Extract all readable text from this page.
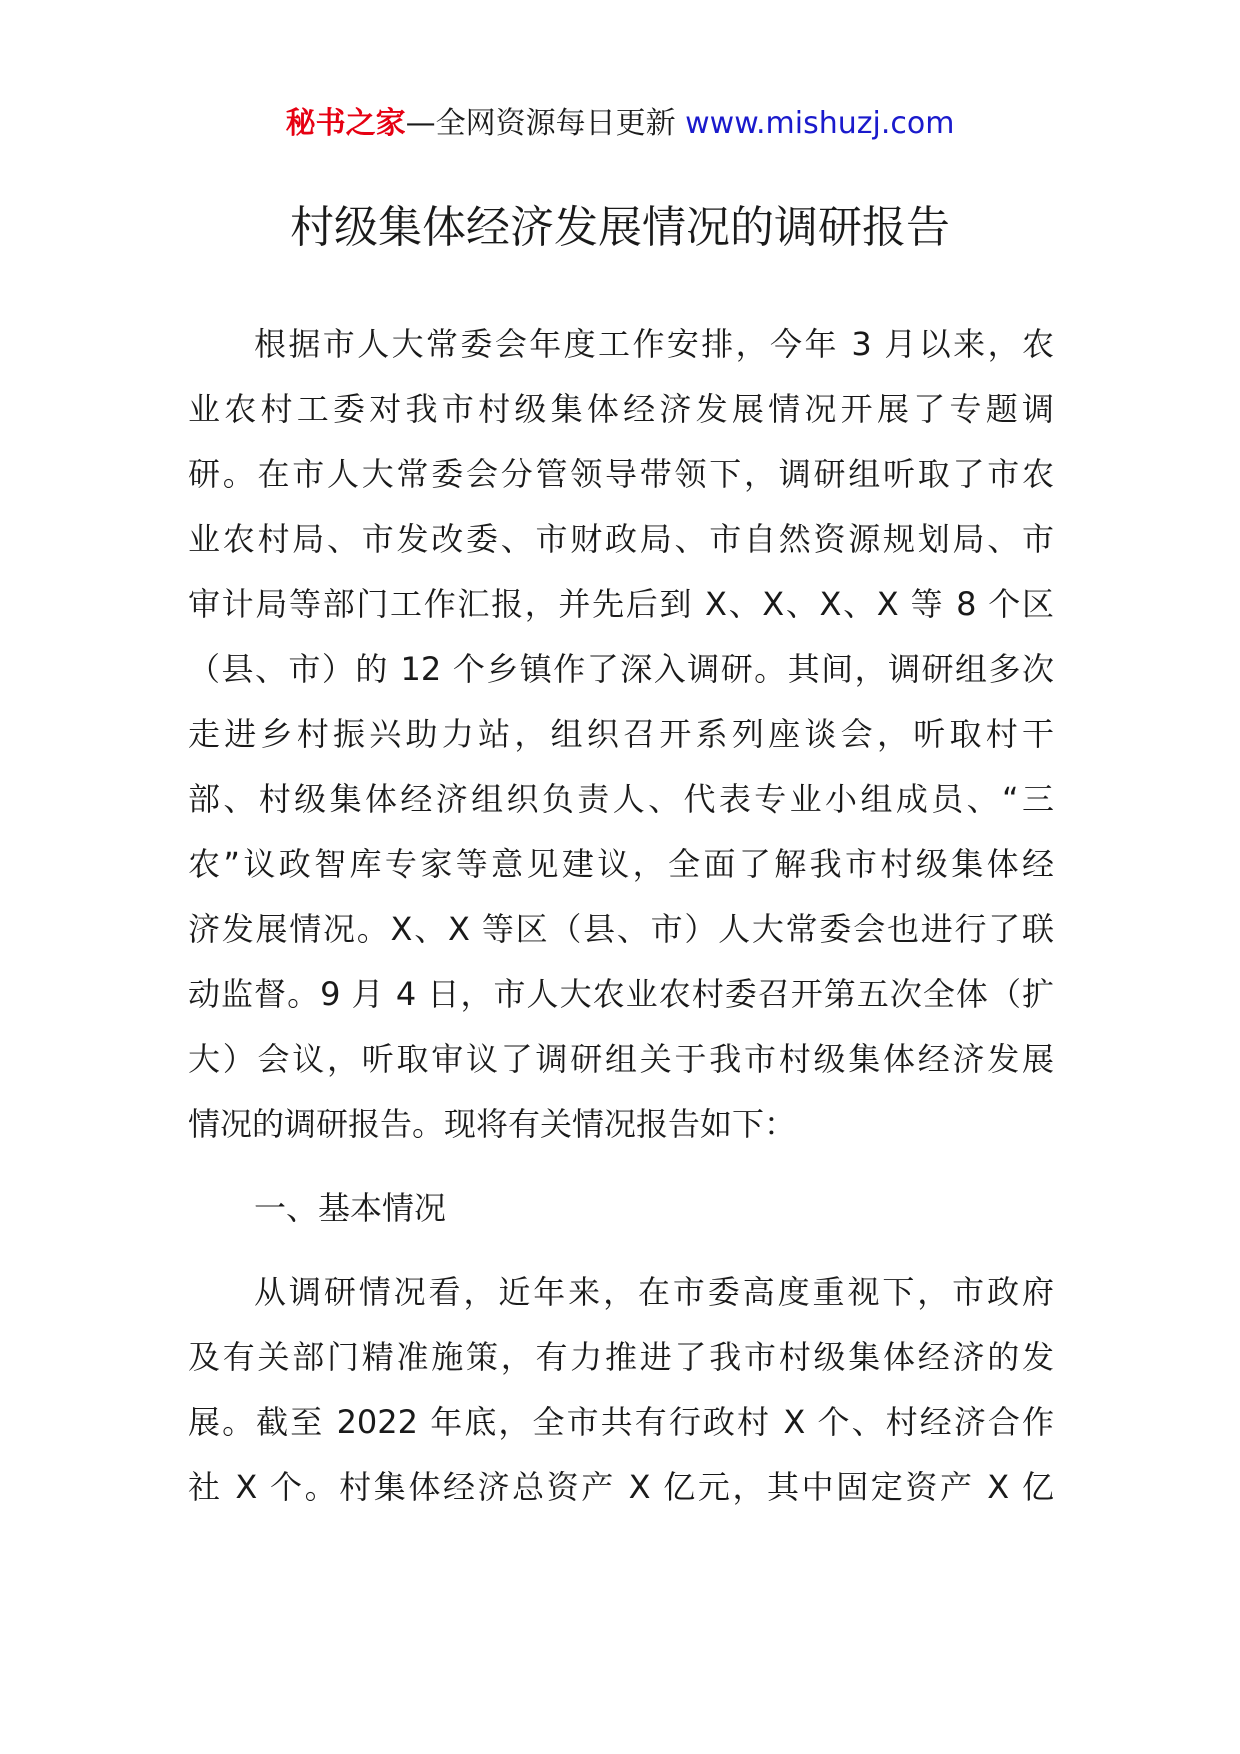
秘书之家—全网资源每日更新 www.mishuzj.com
村级集体经济发展情况的调研报告
根据市人大常委会年度工作安排，今年 3 月以来，农
业农村工委对我市村级集体经济发展情况开展了专题调
研。在市人大常委会分管领导带领下，调研组听取了市农
业农村局、市发改委、市财政局、市自然资源规划局、市
审计局等部门工作汇报，并先后到 X、X、X、X 等 8 个区
（县、市）的 12 个乡镇作了深入调研。其间，调研组多次
走进乡村振兴助力站，组织召开系列座谈会，听取村干
部、村级集体经济组织负责人、代表专业小组成员、“三
农”议政智库专家等意见建议，全面了解我市村级集体经
济发展情况。X、X 等区（县、市）人大常委会也进行了联
动监督。9 月 4 日，市人大农业农村委召开第五次全体（扩
大）会议，听取审议了调研组关于我市村级集体经济发展
情况的调研报告。现将有关情况报告如下：
一、基本情况
从调研情况看，近年来，在市委高度重视下，市政府
及有关部门精准施策，有力推进了我市村级集体经济的发
展。截至 2022 年底，全市共有行政村 X 个、村经济合作
社 X 个。村集体经济总资产 X 亿元，其中固定资产 X 亿
